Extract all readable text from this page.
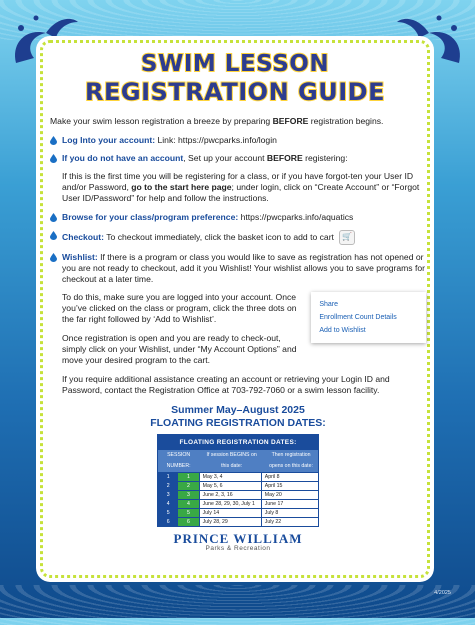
SWIM LESSON
REGISTRATION GUIDE

Make your swim lesson registration a breeze by preparing BEFORE registration begins.

Log Into your account: Link: https://pwcparks.info/login
If you do not have an account, Set up your account BEFORE registering:

If this is the first time you will be registering for a class, or if you have forgot-ten your User ID and/or Password, go to the start here page; under login, click on “Create Account” or “Forgot User ID/Password” for help and follow the instructions.

Browse for your class/program preference: https://pwcparks.info/aquatics
Checkout: To checkout immediately, click the basket icon to add to cart 🛒
Wishlist: If there is a program or class you would like to save as registration has not opened or you are not ready to checkout, add it you Wishlist! Your wishlist allows you to save programs for checkout at a later time.

To do this, make sure you are logged into your account. Once you’ve clicked on the class or program, click the three dots on the far right followed by ‘Add to Wishlist’.

Once registration is open and you are ready to check-out, simply click on your Wishlist, under “My Account Options” and move your desired program to the cart.

Share
Enrollment Count Details
Add to Wishlist

If you require additional assistance creating an account or retrieving your Login ID and Password, contact the Registration Office at 703-792-7060 or a swim lesson facility.

Summer May–August 2025
FLOATING REGISTRATION DATES:
FLOATING REGISTRATION DATES:
SESSION NUMBER:
If session BEGINS on this date:
Then registration opens on this date:
1	1	May 3, 4	April 8
2	2	May 5, 6	April 15
3	3	June 2, 3, 16	May 20
4	4	June 28, 29, 30, July 1	June 17
5	5	July 14	July 8
6	6	July 28, 29	July 22
PRINCE WILLIAM
Parks & Recreation
4/2025
